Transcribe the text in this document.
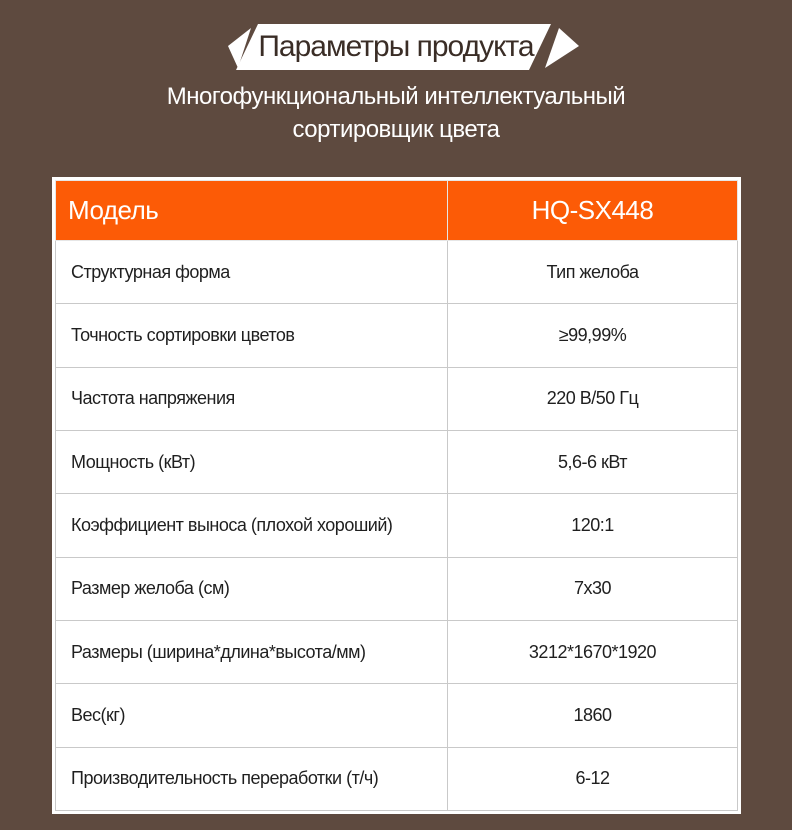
Параметры продукта
Многофункциональный интеллектуальный
сортировщик цвета
Модель	HQ-SX448
Структурная форма	Тип желоба
Точность сортировки цветов	≥99,99%
Частота напряжения	220 В/50 Гц
Мощность (кВт)	5,6-6 кВт
Коэффициент выноса (плохой хороший)	120:1
Размер желоба (см)	7x30
Размеры (ширина*длина*высота/мм)	3212*1670*1920
Вес(кг)	1860
Производительность переработки (т/ч)	6-12
